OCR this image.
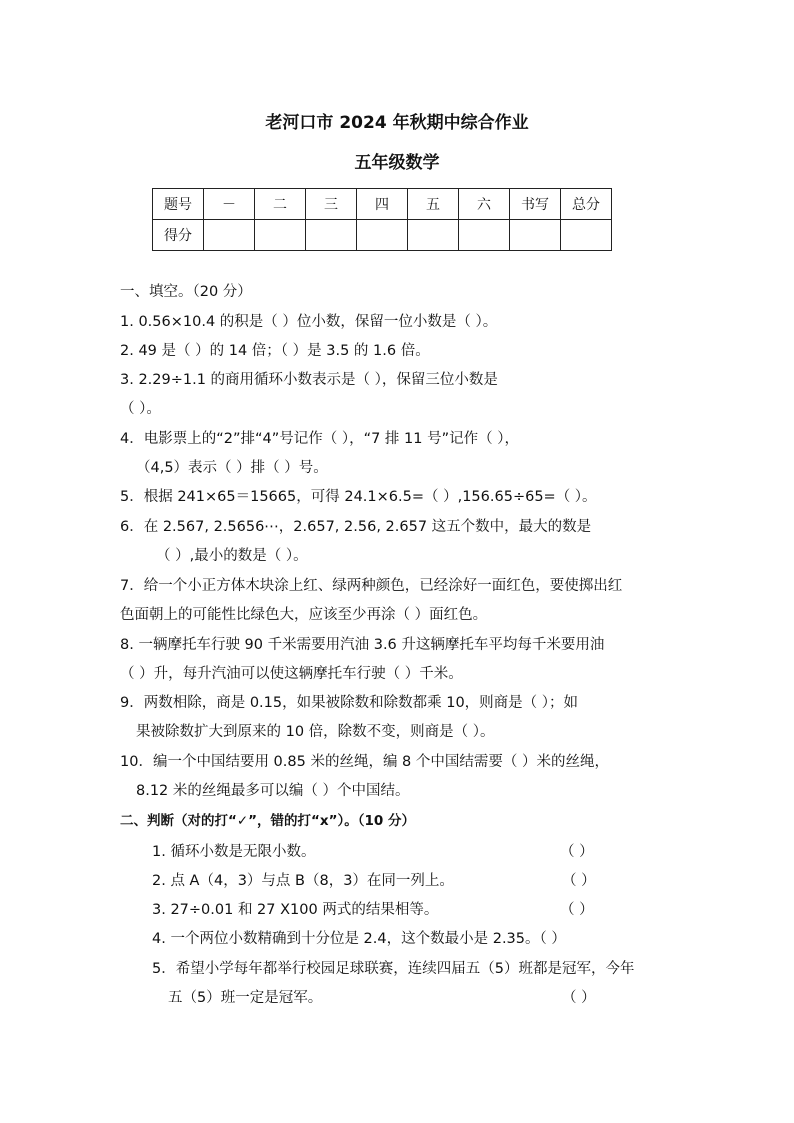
老河口市 2024 年秋期中综合作业
五年级数学
题号	－	二	三	四	五	六	书写	总分
得分								
一、填空。（20 分）
1. 0.56×10.4 的积是（ ）位小数，保留一位小数是（ ）。
2. 49 是（ ）的 14 倍；（ ）是 3.5 的 1.6 倍。
3. 2.29÷1.1 的商用循环小数表示是（ ），保留三位小数是
（ ）。
4．电影票上的“2”排“4”号记作（ ），“7 排 11 号”记作（ ），
（4,5）表示（ ）排（ ）号。
5．根据 241×65＝15665，可得 24.1×6.5=（ ）,156.65÷65=（ ）。
6．在 2.567, 2.5656⋯，2.657, 2.56, 2.657 这五个数中，最大的数是
（ ）,最小的数是（ ）。
7．给一个小正方体木块涂上红、绿两种颜色，已经涂好一面红色，要使掷出红
色面朝上的可能性比绿色大，应该至少再涂（ ）面红色。
8. 一辆摩托车行驶 90 千米需要用汽油 3.6 升这辆摩托车平均每千米要用油
（ ）升，每升汽油可以使这辆摩托车行驶（ ）千米。
9．两数相除，商是 0.15，如果被除数和除数都乘 10，则商是（ ）；如
果被除数扩大到原来的 10 倍，除数不变，则商是（ ）。
10．编一个中国结要用 0.85 米的丝绳，编 8 个中国结需要（ ）米的丝绳，
8.12 米的丝绳最多可以编（ ）个中国结。
二、判断（对的打“✓”，错的打“x”）。（10 分）
1. 循环小数是无限小数。	（ ）
2. 点 A（4，3）与点 B（8，3）在同一列上。	（ ）
3. 27÷0.01 和 27 X100 两式的结果相等。	（ ）
4. 一个两位小数精确到十分位是 2.4，这个数最小是 2.35。（ ）
5．希望小学每年都举行校园足球联赛，连续四届五（5）班都是冠军，今年
五（5）班一定是冠军。	（ ）
